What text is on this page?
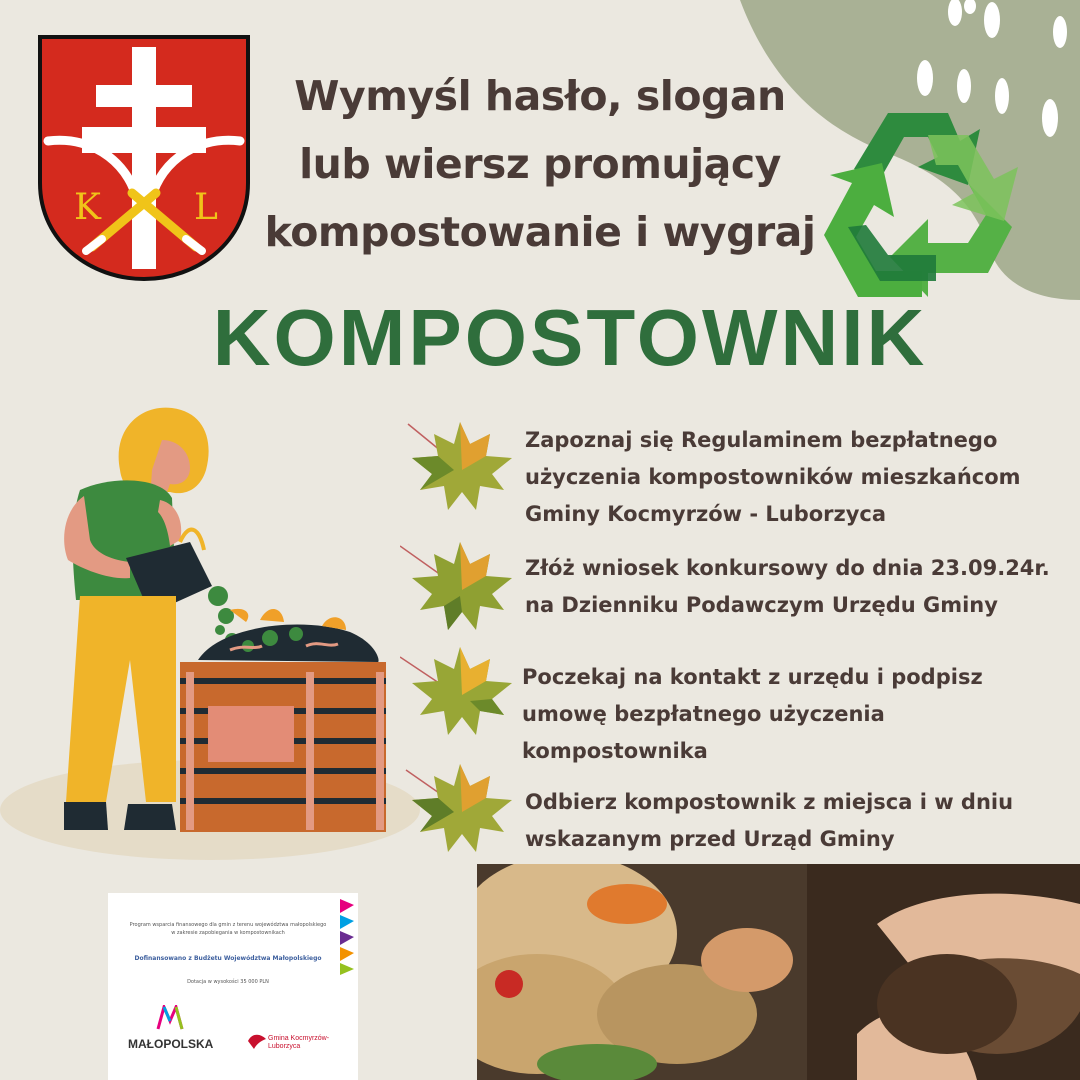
K	L
Wymyśl hasło, slogan
lub wiersz promujący
kompostowanie i wygraj
KOMPOSTOWNIK
Zapoznaj się Regulaminem bezpłatnego użyczenia kompostowników mieszkańcom Gminy Kocmyrzów - Luborzyca
Złóż wniosek konkursowy do dnia 23.09.24r. na Dzienniku Podawczym Urzędu Gminy
Poczekaj na kontakt z urzędu i podpisz umowę bezpłatnego użyczenia kompostownika
Odbierz kompostownik z miejsca i w dniu wskazanym przed Urząd Gminy
Program wsparcia finansowego dla gmin z terenu województwa małopolskiego w zakresie zapobiegania w kompostownikach
Dofinansowano z Budżetu Województwa Małopolskiego
Dotacja w wysokości 35 000 PLN
MAŁOPOLSKA	Gmina Kocmyrzów-Luborzyca
